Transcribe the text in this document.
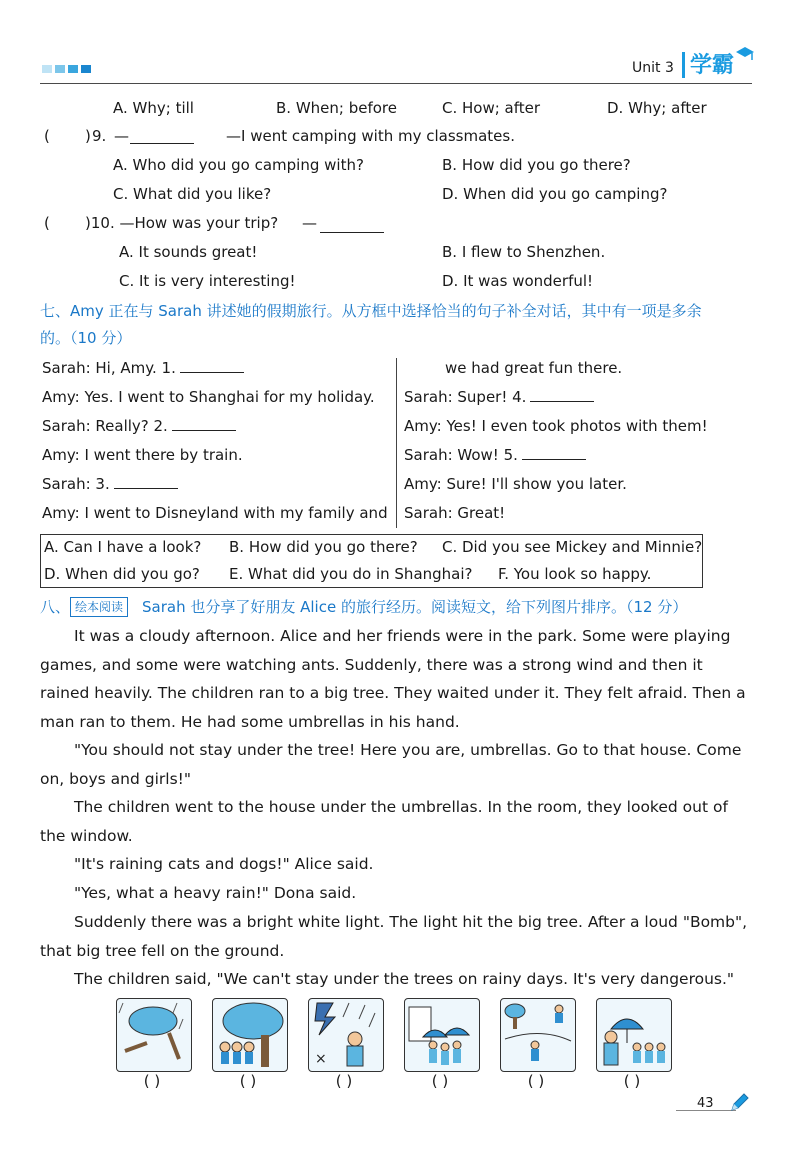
Unit 3 学霸
A. Why; till	B. When; before	C. How; after	D. Why; after
( ) 9. —	—I went camping with my classmates.
A. Who did you go camping with?	B. How did you go there?
C. What did you like?	D. When did you go camping?
( )10. —How was your trip? —
A. It sounds great!	B. I flew to Shenzhen.
C. It is very interesting!	D. It was wonderful!
七、Amy 正在与 Sarah 讲述她的假期旅行。从方框中选择恰当的句子补全对话，其中有一项是多余
的。（10 分）
Sarah: Hi, Amy. 1.
Amy: Yes. I went to Shanghai for my holiday.
Sarah: Really? 2.
Amy: I went there by train.
Sarah: 3.
Amy: I went to Disneyland with my family and
we had great fun there.
Sarah: Super! 4.
Amy: Yes! I even took photos with them!
Sarah: Wow! 5.
Amy: Sure! I'll show you later.
Sarah: Great!
A. Can I have a look? B. How did you go there? C. Did you see Mickey and Minnie?
D. When did you go? E. What did you do in Shanghai? F. You look so happy.
八、 绘本阅读	Sarah 也分享了好朋友 Alice 的旅行经历。阅读短文，给下列图片排序。（12 分）

It was a cloudy afternoon. Alice and her friends were in the park. Some were playing games, and some were watching ants. Suddenly, there was a strong wind and then it rained heavily. The children ran to a big tree. They waited under it. They felt afraid. Then a man ran to them. He had some umbrellas in his hand.

"You should not stay under the tree! Here you are, umbrellas. Go to that house. Come on, boys and girls!"

The children went to the house under the umbrellas. In the room, they looked out of the window.

"It's raining cats and dogs!" Alice said.

"Yes, what a heavy rain!" Dona said.

Suddenly there was a bright white light. The light hit the big tree. After a loud "Bomb", that big tree fell on the ground.

The children said, "We can't stay under the trees on rainy days. It's very dangerous."

×
( )	( )	( )	( )	( )	( )
43
